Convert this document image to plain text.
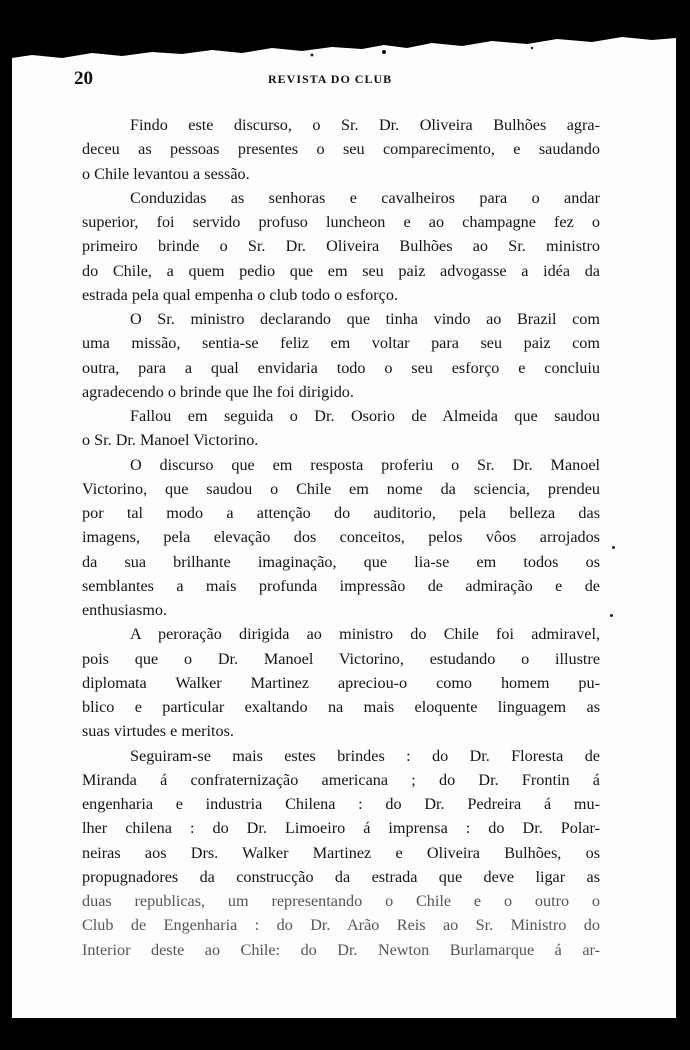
20	REVISTA DO CLUB
Findo este discurso, o Sr. Dr. Oliveira Bulhões agra-
deceu as pessoas presentes o seu comparecimento, e saudando
o Chile levantou a sessão.
Conduzidas as senhoras e cavalheiros para o andar
superior, foi servido profuso luncheon e ao champagne fez o
primeiro brinde o Sr. Dr. Oliveira Bulhões ao Sr. ministro
do Chile, a quem pedio que em seu paiz advogasse a idéa da
estrada pela qual empenha o club todo o esforço.
O Sr. ministro declarando que tinha vindo ao Brazil com
uma missão, sentia-se feliz em voltar para seu paiz com
outra, para a qual envidaria todo o seu esforço e concluiu
agradecendo o brinde que lhe foi dirigido.
Fallou em seguida o Dr. Osorio de Almeida que saudou
o Sr. Dr. Manoel Victorino.
O discurso que em resposta proferiu o Sr. Dr. Manoel
Victorino, que saudou o Chile em nome da sciencia, prendeu
por tal modo a attenção do auditorio, pela belleza das
imagens, pela elevação dos conceitos, pelos vôos arrojados
da sua brilhante imaginação, que lia-se em todos os
semblantes a mais profunda impressão de admiração e de
enthusiasmo.
A peroração dirigida ao ministro do Chile foi admiravel,
pois que o Dr. Manoel Victorino, estudando o illustre
diplomata Walker Martinez apreciou-o como homem pu-
blico e particular exaltando na mais eloquente linguagem as
suas virtudes e meritos.
Seguiram-se mais estes brindes : do Dr. Floresta de
Miranda á confraternização americana ; do Dr. Frontin á
engenharia e industria Chilena : do Dr. Pedreira á mu-
lher chilena : do Dr. Limoeiro á imprensa : do Dr. Polar-
neiras aos Drs. Walker Martinez e Oliveira Bulhões, os
propugnadores da construcção da estrada que deve ligar as
duas republicas, um representando o Chile e o outro o
Club de Engenharia : do Dr. Arão Reis ao Sr. Ministro do
Interior deste ao Chile: do Dr. Newton Burlamarque á ar-
